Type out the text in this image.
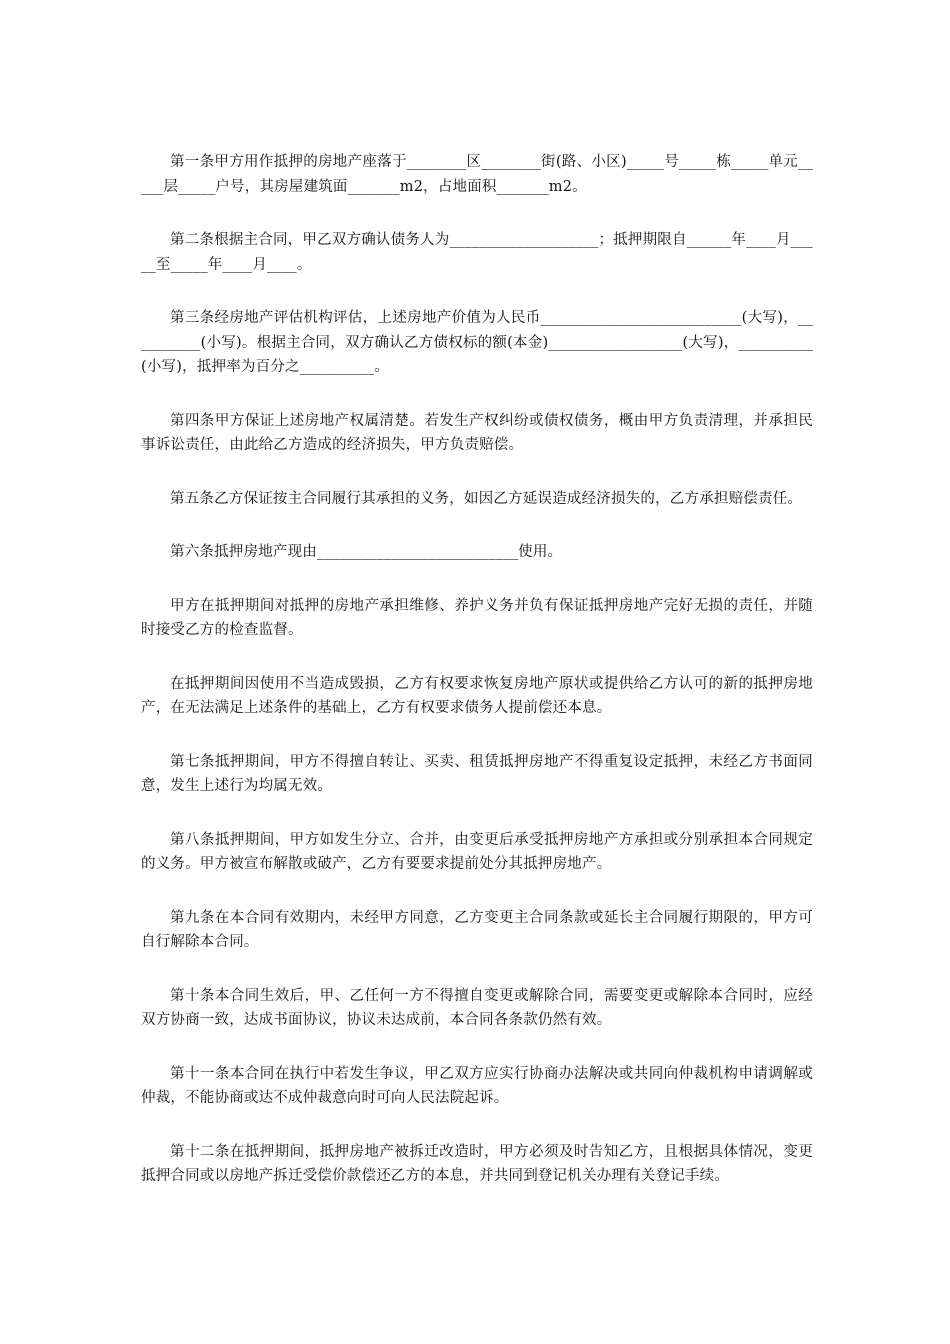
第一条甲方用作抵押的房地产座落于________区________街(路、小区)_____号_____栋_____单元_____层_____户号，其房屋建筑面_______m2，占地面积_______m2。

第二条根据主合同，甲乙双方确认债务人为____________________；抵押期限自______年____月_____至_____年____月____。

第三条经房地产评估机构评估，上述房地产价值为人民币___________________________(大写)，__________(小写)。根据主合同，双方确认乙方债权标的额(本金)__________________(大写)，__________(小写)，抵押率为百分之__________。

第四条甲方保证上述房地产权属清楚。若发生产权纠纷或债权债务，概由甲方负责清理，并承担民事诉讼责任，由此给乙方造成的经济损失，甲方负责赔偿。

第五条乙方保证按主合同履行其承担的义务，如因乙方延误造成经济损失的，乙方承担赔偿责任。

第六条抵押房地产现由___________________________使用。

甲方在抵押期间对抵押的房地产承担维修、养护义务并负有保证抵押房地产完好无损的责任，并随时接受乙方的检查监督。

在抵押期间因使用不当造成毁损，乙方有权要求恢复房地产原状或提供给乙方认可的新的抵押房地产，在无法满足上述条件的基础上，乙方有权要求债务人提前偿还本息。

第七条抵押期间，甲方不得擅自转让、买卖、租赁抵押房地产不得重复设定抵押，未经乙方书面同意，发生上述行为均属无效。

第八条抵押期间，甲方如发生分立、合并，由变更后承受抵押房地产方承担或分别承担本合同规定的义务。甲方被宣布解散或破产，乙方有要要求提前处分其抵押房地产。

第九条在本合同有效期内，未经甲方同意，乙方变更主合同条款或延长主合同履行期限的，甲方可自行解除本合同。

第十条本合同生效后，甲、乙任何一方不得擅自变更或解除合同，需要变更或解除本合同时，应经双方协商一致，达成书面协议，协议未达成前，本合同各条款仍然有效。

第十一条本合同在执行中若发生争议，甲乙双方应实行协商办法解决或共同向仲裁机构申请调解或仲裁，不能协商或达不成仲裁意向时可向人民法院起诉。

第十二条在抵押期间，抵押房地产被拆迁改造时，甲方必须及时告知乙方，且根据具体情况，变更抵押合同或以房地产拆迁受偿价款偿还乙方的本息，并共同到登记机关办理有关登记手续。
